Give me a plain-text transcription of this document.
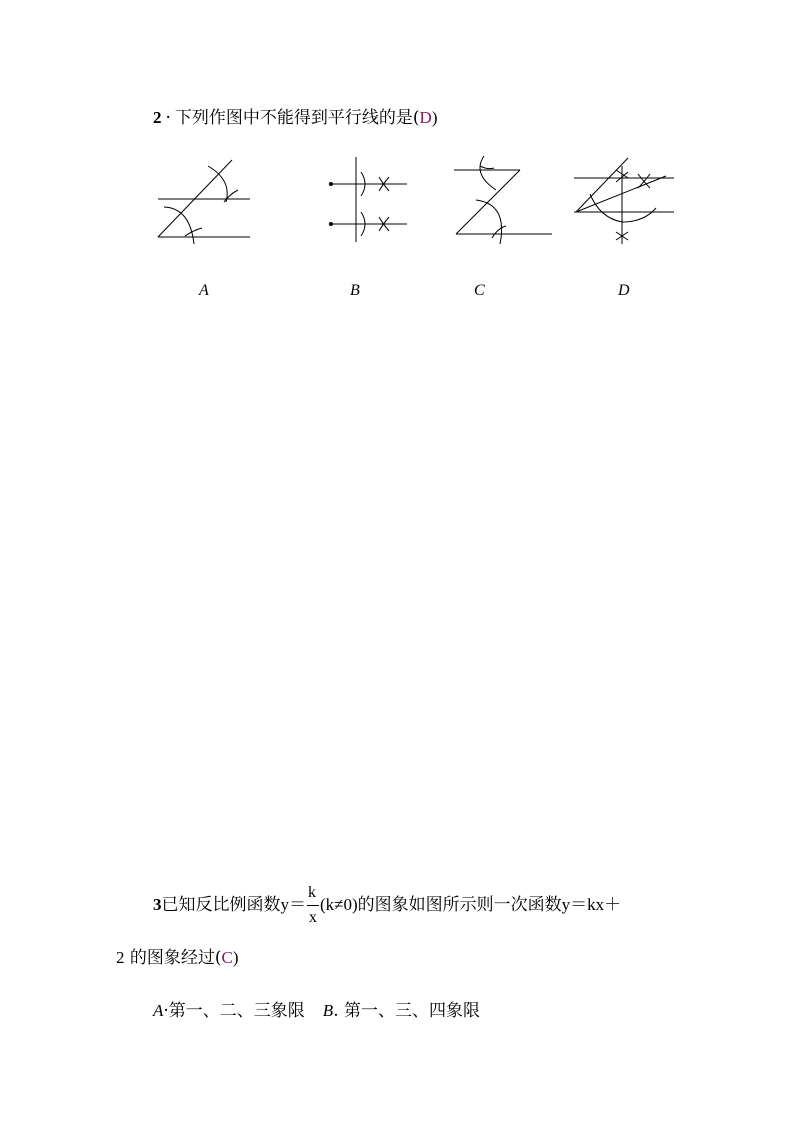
2 · 下列作图中不能得到平行线的是(D)
A	B	C	D
3已知反比例函数$y= \frac{k}{x} (k\ne 0)$的图象如图所示则一次函数y＝kx＋
2 的图象经过(C)
A·第一、二、三象限 B. 第一、三、四象限
